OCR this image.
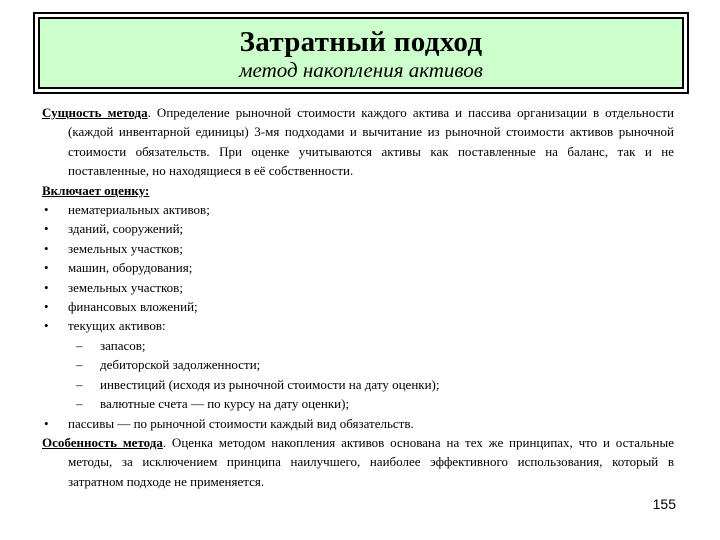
Затратный подход
метод накопления активов

Сущность метода. Определение рыночной стоимости каждого актива и пассива организации в отдельности (каждой инвентарной единицы) 3-мя подходами и вычитание из рыночной стоимости активов рыночной стоимости обязательств. При оценке учитываются активы как поставленные на баланс, так и не поставленные, но находящиеся в её собственности.

Включает оценку:

• нематериальных активов;
• зданий, сооружений;
• земельных участков;
• машин, оборудования;
• земельных участков;
• финансовых вложений;
• текущих активов:
– запасов;
– дебиторской задолженности;
– инвестиций (исходя из рыночной стоимости на дату оценки);
– валютные счета — по курсу на дату оценки);
• пассивы — по рыночной стоимости каждый вид обязательств.

Особенность метода. Оценка методом накопления активов основана на тех же принципах, что и остальные методы, за исключением принципа наилучшего, наиболее эффективного использования, который в затратном подходе не применяется.

155
